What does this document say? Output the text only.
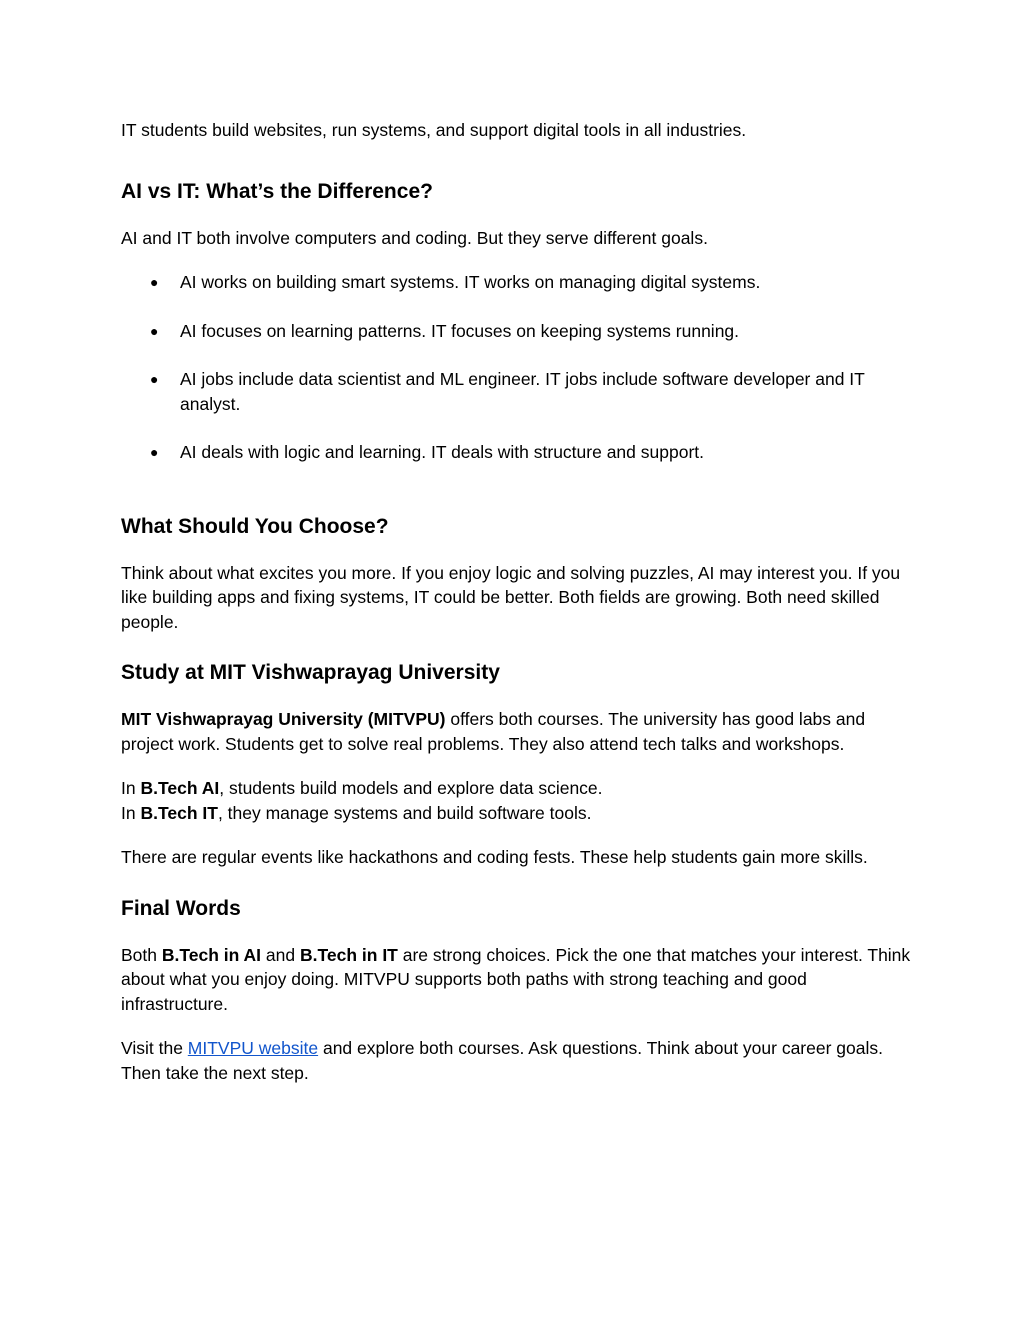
IT students build websites, run systems, and support digital tools in all industries.

AI vs IT: What’s the Difference?

AI and IT both involve computers and coding. But they serve different goals.

● AI works on building smart systems. IT works on managing digital systems.
● AI focuses on learning patterns. IT focuses on keeping systems running.
● AI jobs include data scientist and ML engineer. IT jobs include software developer and IT analyst.
● AI deals with logic and learning. IT deals with structure and support.
What Should You Choose?

Think about what excites you more. If you enjoy logic and solving puzzles, AI may interest you. If you like building apps and fixing systems, IT could be better. Both fields are growing. Both need skilled people.

Study at MIT Vishwaprayag University

MIT Vishwaprayag University (MITVPU) offers both courses. The university has good labs and project work. Students get to solve real problems. They also attend tech talks and workshops.

In B.Tech AI, students build models and explore data science.
In B.Tech IT, they manage systems and build software tools.

There are regular events like hackathons and coding fests. These help students gain more skills.

Final Words

Both B.Tech in AI and B.Tech in IT are strong choices. Pick the one that matches your interest. Think about what you enjoy doing. MITVPU supports both paths with strong teaching and good infrastructure.

Visit the MITVPU website and explore both courses. Ask questions. Think about your career goals. Then take the next step.
